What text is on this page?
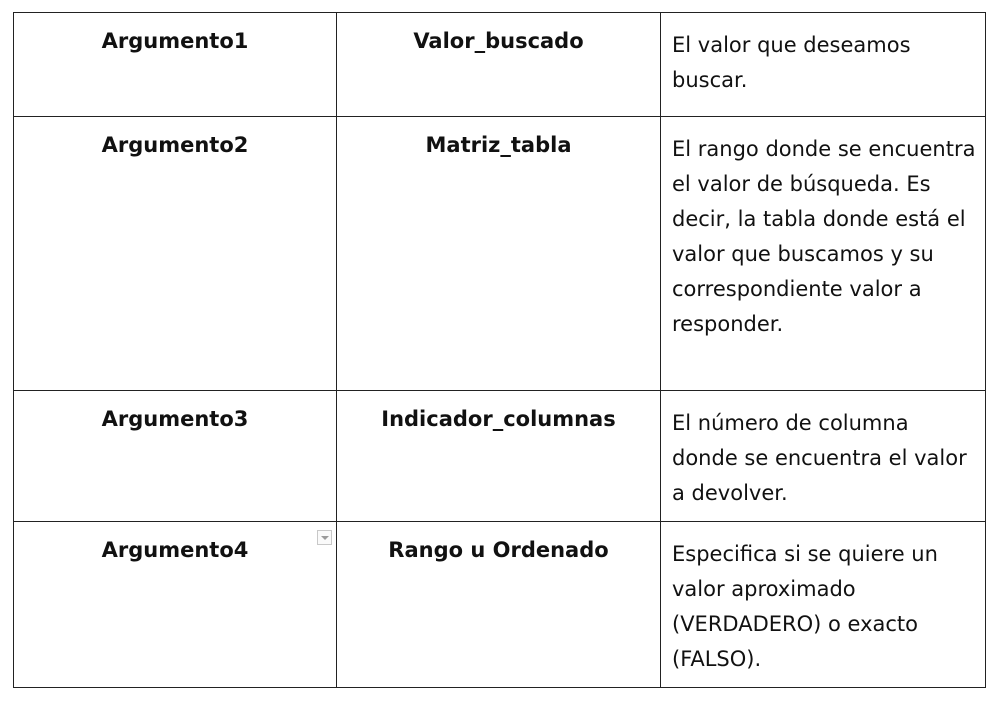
Argumento1	Valor_buscado	El valor que deseamos buscar.
Argumento2	Matriz_tabla	El rango donde se encuentra el valor de búsqueda. Es decir, la tabla donde está el valor que buscamos y su correspondiente valor a responder.
Argumento3	Indicador_columnas	El número de columna donde se encuentra el valor a devolver.
Argumento4	Rango u Ordenado	Especifica si se quiere un valor aproximado (VERDADERO) o exacto (FALSO).
